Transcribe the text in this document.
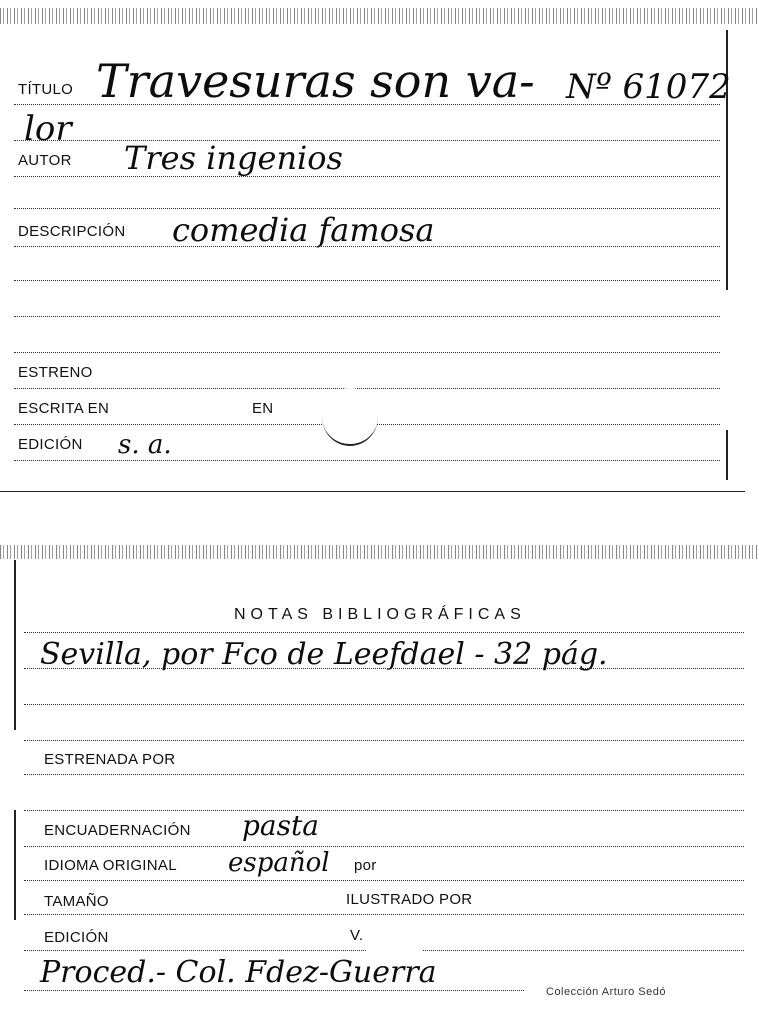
TÍTULO Travesuras son va- Nº 61072
lor
AUTOR Tres ingenios
DESCRIPCIÓN comedia famosa
ESTRENO
ESCRITA EN	EN
EDICIÓN s. a.
NOTAS BIBLIOGRÁFICAS
Sevilla, por Fco de Leefdael - 32 pág.
ESTRENADA POR
ENCUADERNACIÓN pasta
IDIOMA ORIGINAL español por
TAMAÑO	ILUSTRADO POR
EDICIÓN	V.
Proced.- Col. Fdez-Guerra
Colección Arturo Sedó
